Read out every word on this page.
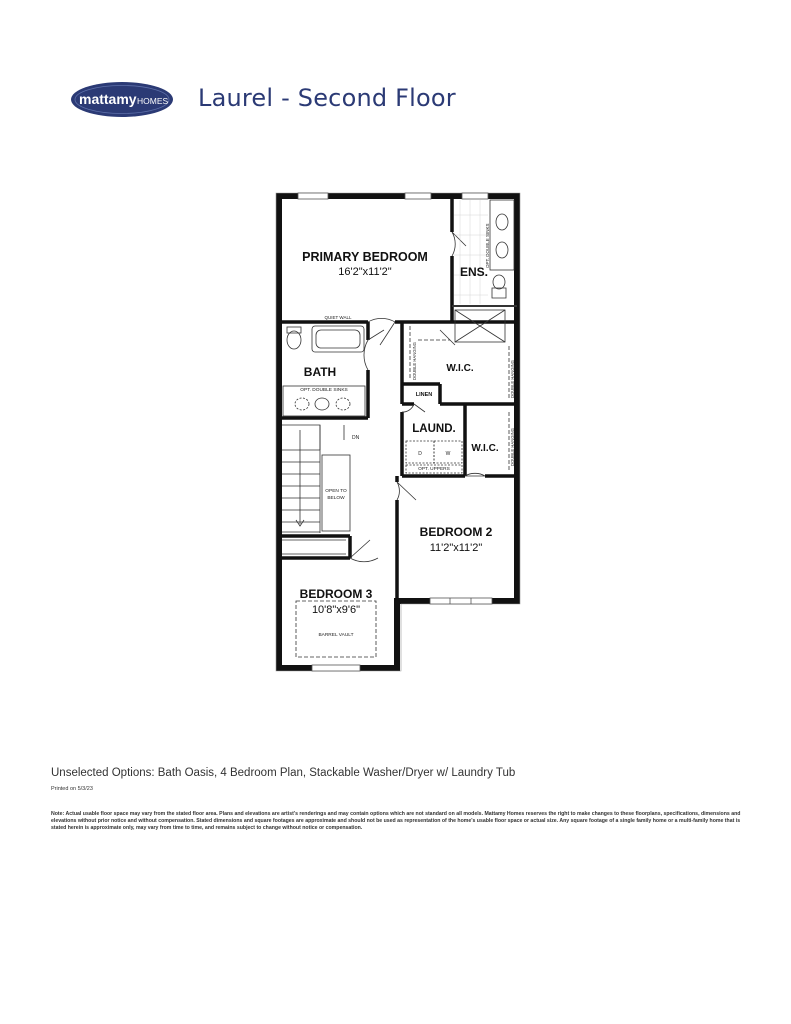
mattamy HOMES Laurel - Second Floor
PRIMARY BEDROOM
16'2"x11'2"	ENS.
BATH	W.I.C.
LINEN
LAUND.
W.I.C.
BEDROOM 2
11'2"x11'2"
BEDROOM 3
10'8"x9'6"
QUIET WALL
OPT. DOUBLE SINKS
OPT. DOUBLE SINKS
DOUBLE HANGING	DOUBLE HANGING
DOUBLE HANGING
DN
OPEN TO
BELOW
D	W
OPT. UPPERS
BARREL VAULT
Unselected Options: Bath Oasis, 4 Bedroom Plan, Stackable Washer/Dryer w/ Laundry Tub
Printed on 5/3/23
Note: Actual usable floor space may vary from the stated floor area. Plans and elevations are artist's renderings and may contain options which are not standard on all models. Mattamy Homes reserves the right to make changes to these floorplans, specifications, dimensions and elevations without prior notice and without compensation. Stated dimensions and square footages are approximate and should not be used as representation of the home's usable floor space or actual size. Any square footage of a single family home or a multi-family home that is stated herein is approximate only, may vary from time to time, and remains subject to change without notice or compensation.
